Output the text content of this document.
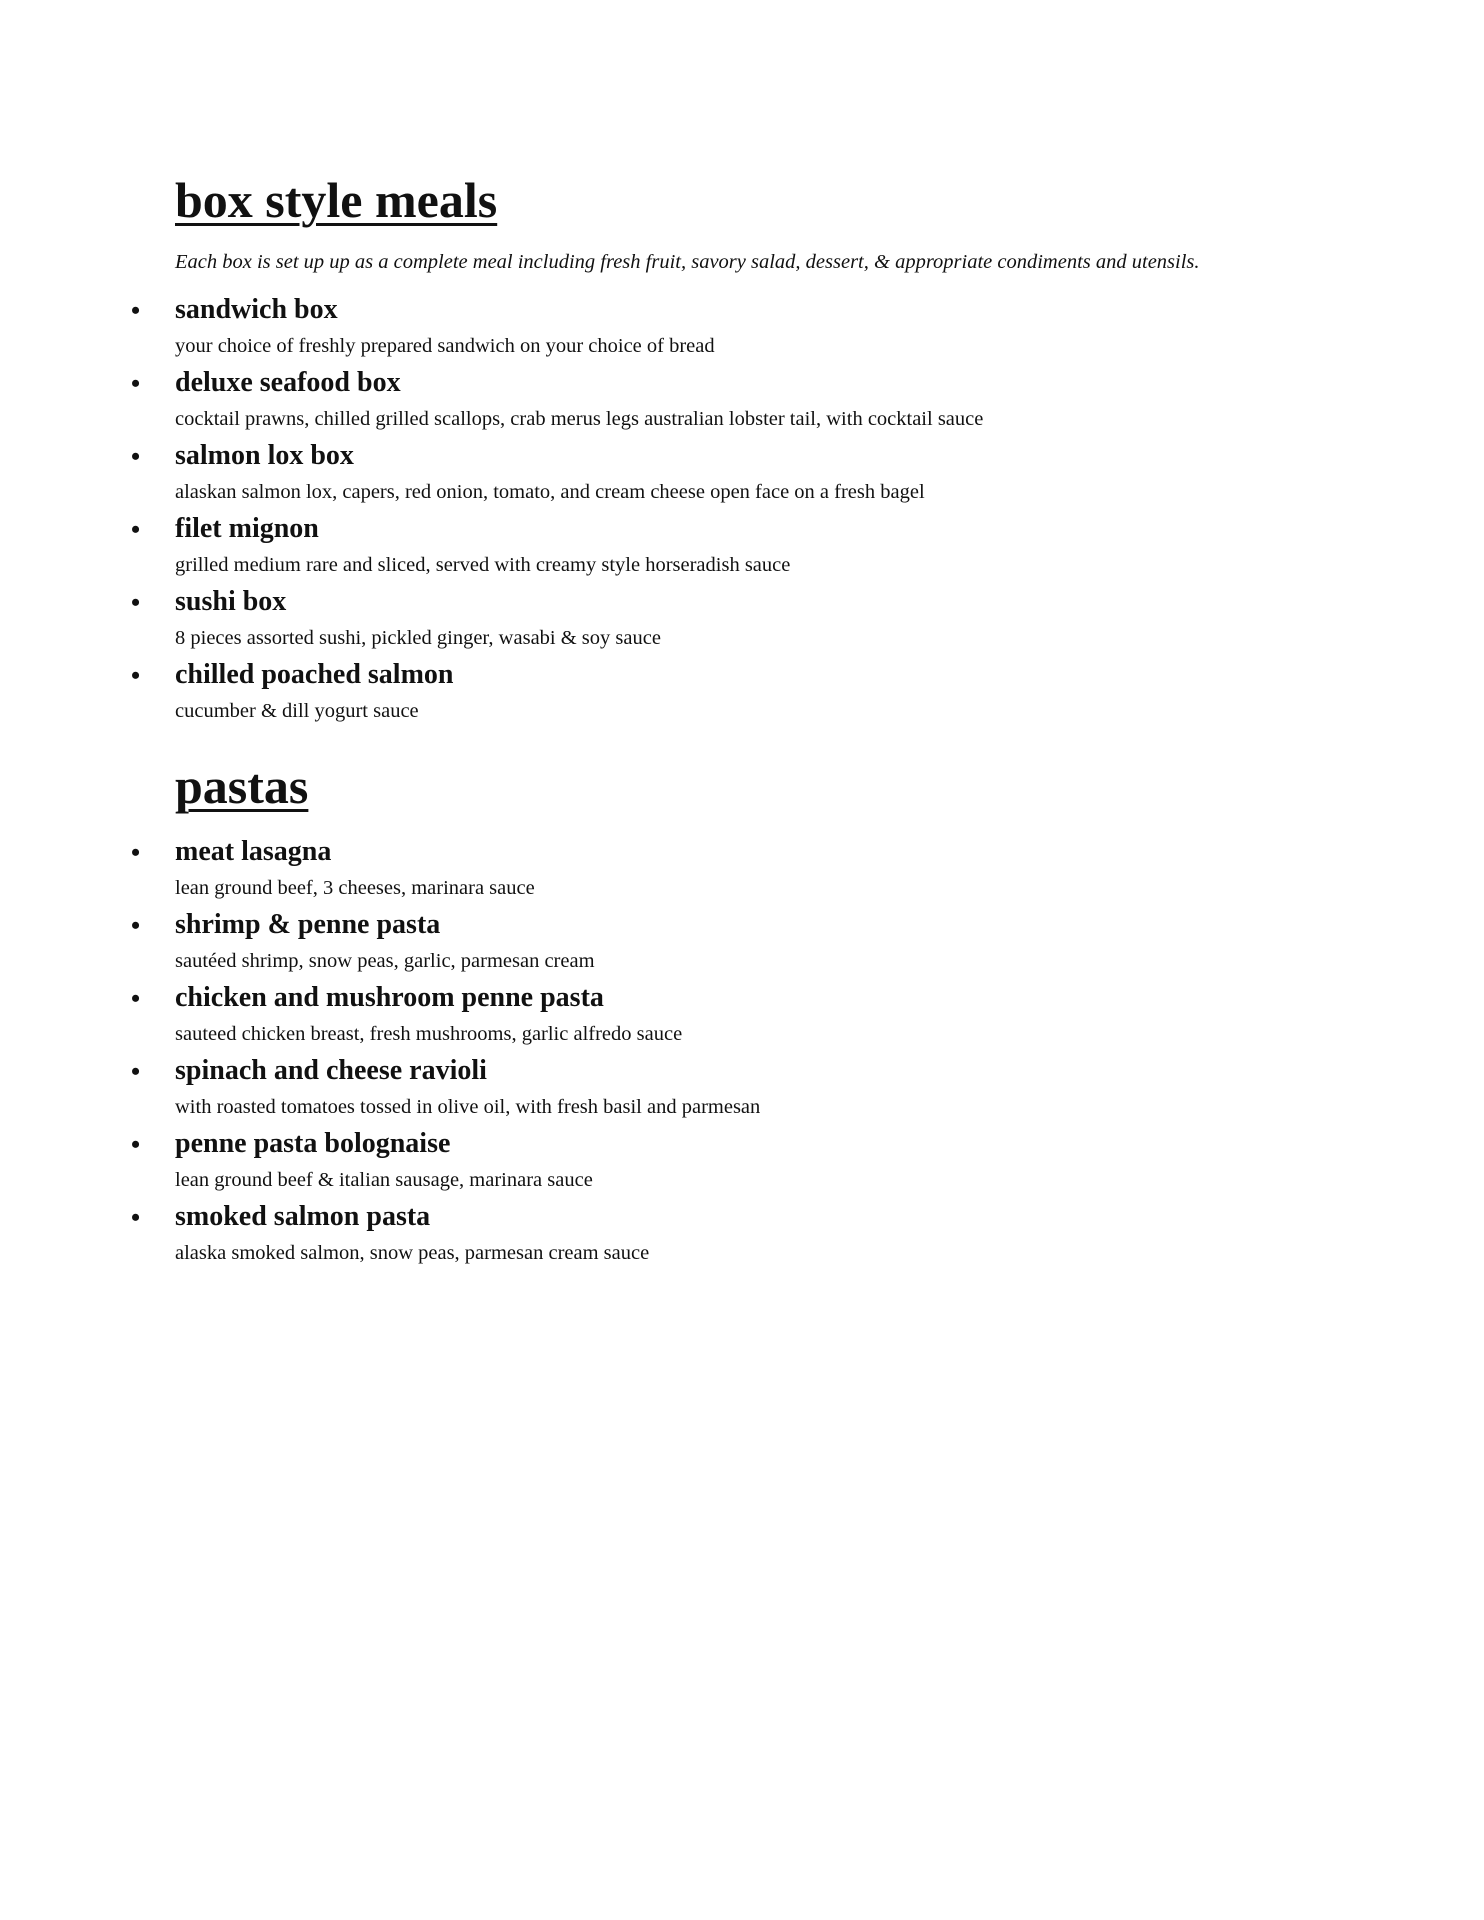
box style meals

Each box is set up up as a complete meal including fresh fruit, savory salad, dessert, & appropriate condiments and utensils.

• sandwich box
your choice of freshly prepared sandwich on your choice of bread
• deluxe seafood box
cocktail prawns, chilled grilled scallops, crab merus legs australian lobster tail, with cocktail sauce
• salmon lox box
alaskan salmon lox, capers, red onion, tomato, and cream cheese open face on a fresh bagel
• filet mignon
grilled medium rare and sliced, served with creamy style horseradish sauce
• sushi box
8 pieces assorted sushi, pickled ginger, wasabi & soy sauce
• chilled poached salmon
cucumber & dill yogurt sauce
pastas
• meat lasagna
lean ground beef, 3 cheeses, marinara sauce
• shrimp & penne pasta
sautéed shrimp, snow peas, garlic, parmesan cream
• chicken and mushroom penne pasta
sauteed chicken breast, fresh mushrooms, garlic alfredo sauce
• spinach and cheese ravioli
with roasted tomatoes tossed in olive oil, with fresh basil and parmesan
• penne pasta bolognaise
lean ground beef & italian sausage, marinara sauce
• smoked salmon pasta
alaska smoked salmon, snow peas, parmesan cream sauce
